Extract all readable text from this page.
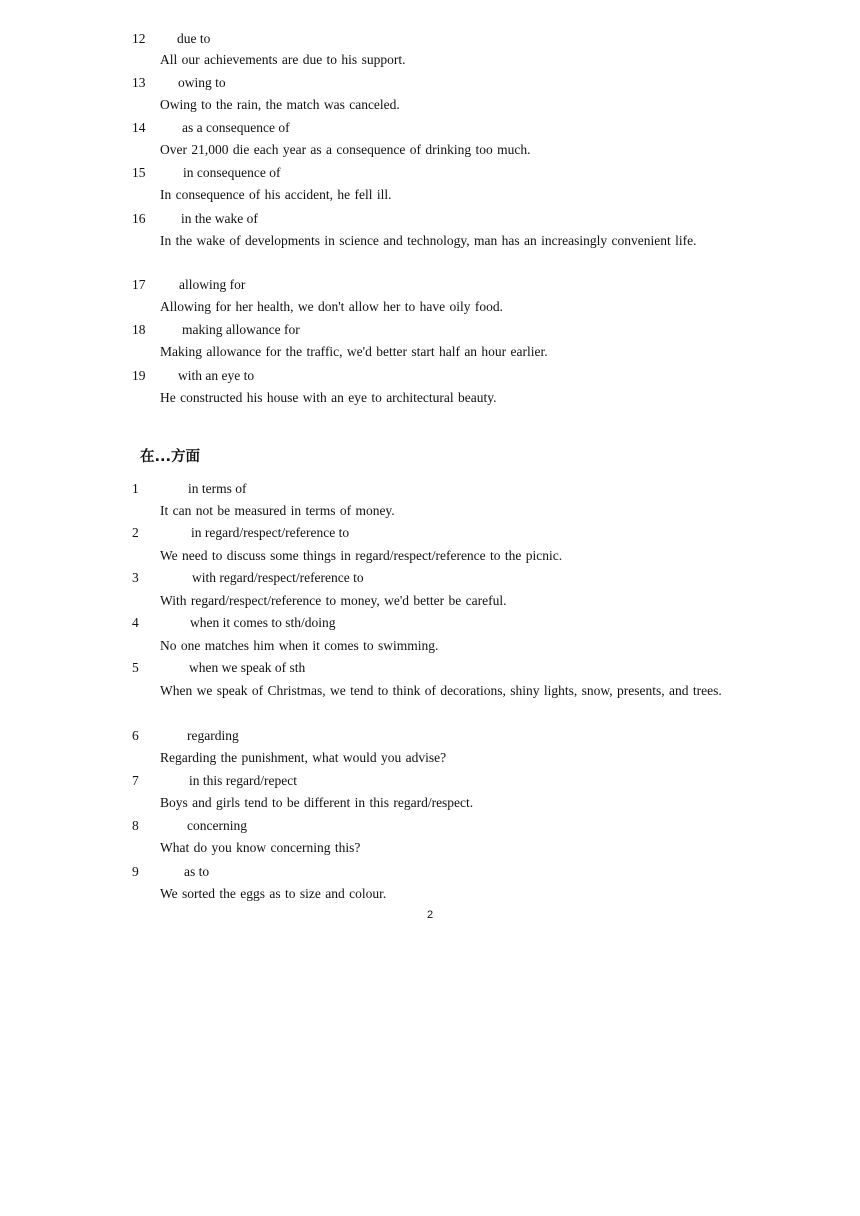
12 due to
All our achievements are due to his support.
13 owing to
Owing to the rain, the match was canceled.
14	as a consequence of
Over 21,000 die each year as a consequence of drinking too much.
15	in consequence of
In consequence of his accident, he fell ill.
16	in the wake of
In the wake of developments in science and technology, man has an increasingly convenient life.
17 allowing for
Allowing for her health, we don't allow her to have oily food.
18	making allowance for
Making allowance for the traffic, we'd better start half an hour earlier.
19 with an eye to
He constructed his house with an eye to architectural beauty.
在...方面
1	in terms of
It can not be measured in terms of money.
2	in regard/respect/reference to
We need to discuss some things in regard/respect/reference to the picnic.
3	with regard/respect/reference to
With regard/respect/reference to money, we'd better be careful.
4	when it comes to sth/doing
No one matches him when it comes to swimming.
5	when we speak of sth
When we speak of Christmas, we tend to think of decorations, shiny lights, snow, presents, and trees.
6	regarding
Regarding the punishment, what would you advise?
7	in this regard/repect
Boys and girls tend to be different in this regard/respect.
8	concerning
What do you know concerning this?
9	as to
We sorted the eggs as to size and colour.
2
